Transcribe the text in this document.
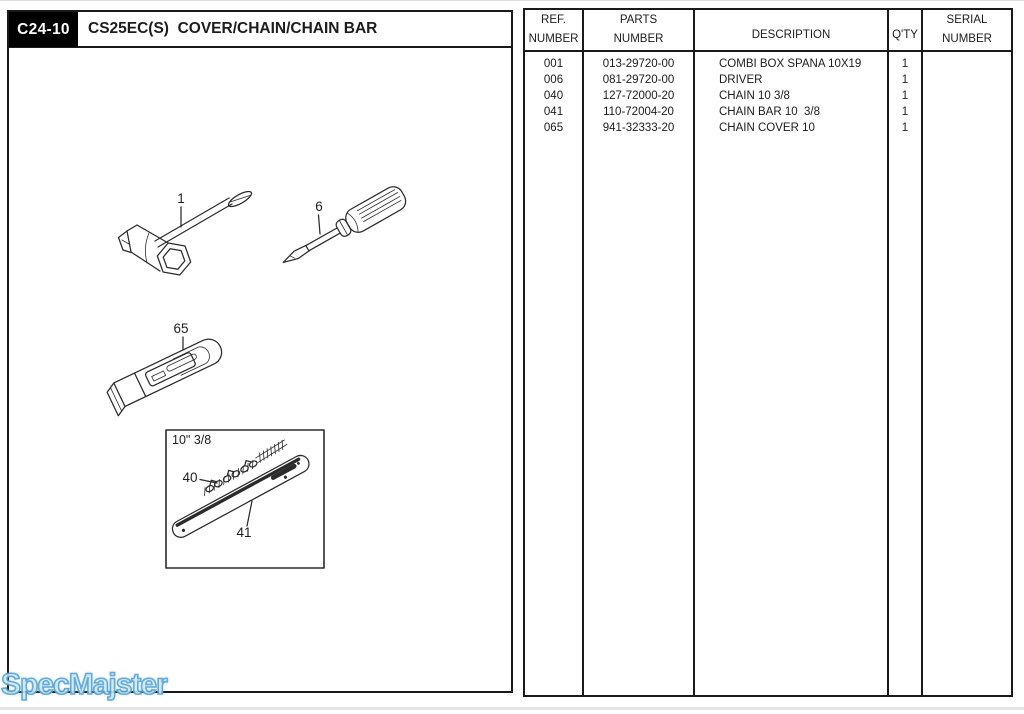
C24-10 CS25EC(S)  COVER/CHAIN/CHAIN BAR
1
6
65
10" 3/8
40
41
REF.
NUMBER
001
006
040
041
065
PARTS
NUMBER
013-29720-00
081-29720-00
127-72000-20
110-72004-20
941-32333-20
DESCRIPTION
COMBI BOX SPANA 10X19
DRIVER
CHAIN 10 3/8
CHAIN BAR 10  3/8
CHAIN COVER 10
Q'TY
1
1
1
1
1
SERIAL
NUMBER
SpecMajster
